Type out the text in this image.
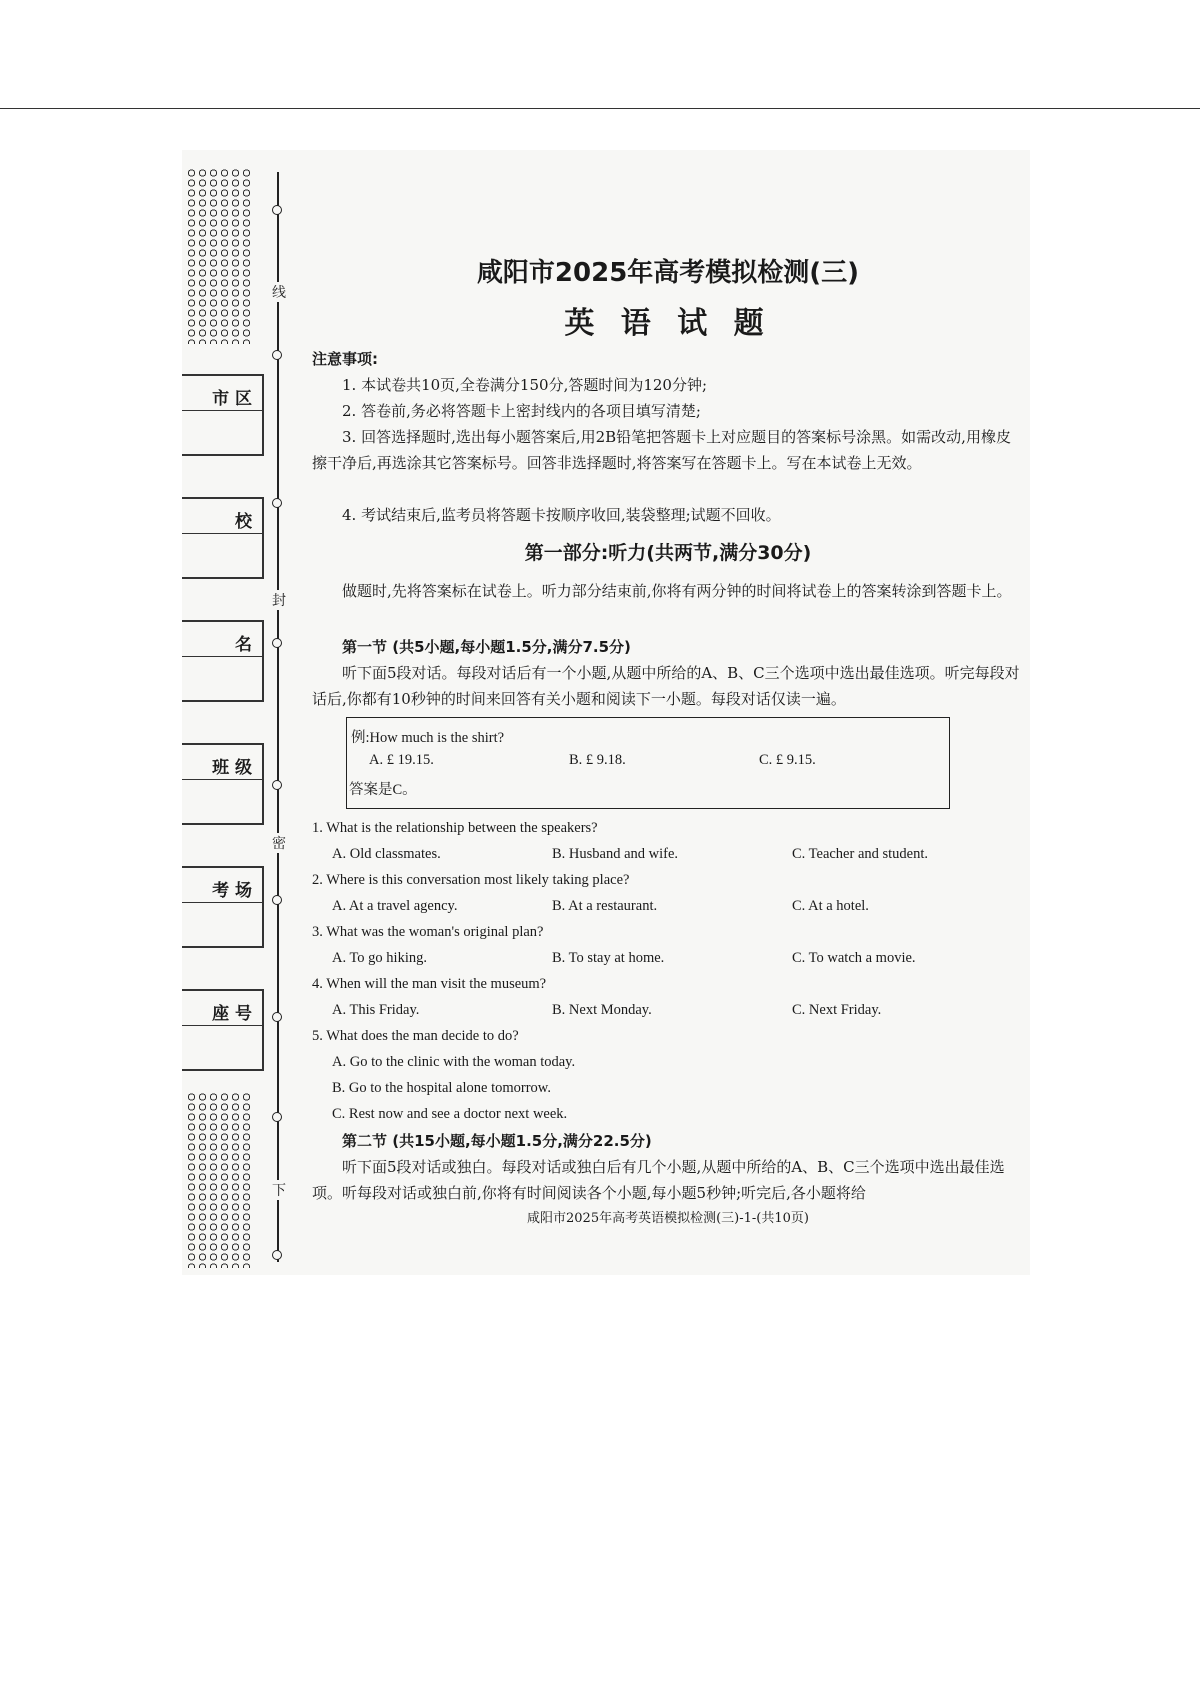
线
封
密
下
市 区
校
名
班 级
考 场
座 号
咸阳市2025年高考模拟检测(三)
英 语 试 题
注意事项:
1. 本试卷共10页,全卷满分150分,答题时间为120分钟;
2. 答卷前,务必将答题卡上密封线内的各项目填写清楚;
3. 回答选择题时,选出每小题答案后,用2B铅笔把答题卡上对应题目的答案标号涂黑。如需改动,用橡皮擦干净后,再选涂其它答案标号。回答非选择题时,将答案写在答题卡上。写在本试卷上无效。
4. 考试结束后,监考员将答题卡按顺序收回,装袋整理;试题不回收。
第一部分:听力(共两节,满分30分)
做题时,先将答案标在试卷上。听力部分结束前,你将有两分钟的时间将试卷上的答案转涂到答题卡上。
第一节 (共5小题,每小题1.5分,满分7.5分)
听下面5段对话。每段对话后有一个小题,从题中所给的A、B、C三个选项中选出最佳选项。听完每段对话后,你都有10秒钟的时间来回答有关小题和阅读下一小题。每段对话仅读一遍。
例:How much is the shirt?
A. £ 19.15.	B. £ 9.18.	C. £ 9.15.
答案是C。
1. What is the relationship between the speakers?
A. Old classmates.	B. Husband and wife.	C. Teacher and student.
2. Where is this conversation most likely taking place?
A. At a travel agency.	B. At a restaurant.	C. At a hotel.
3. What was the woman's original plan?
A. To go hiking.	B. To stay at home.	C. To watch a movie.
4. When will the man visit the museum?
A. This Friday.	B. Next Monday.	C. Next Friday.
5. What does the man decide to do?
A. Go to the clinic with the woman today.
B. Go to the hospital alone tomorrow.
C. Rest now and see a doctor next week.
第二节 (共15小题,每小题1.5分,满分22.5分)
听下面5段对话或独白。每段对话或独白后有几个小题,从题中所给的A、B、C三个选项中选出最佳选项。听每段对话或独白前,你将有时间阅读各个小题,每小题5秒钟;听完后,各小题将给
咸阳市2025年高考英语模拟检测(三)-1-(共10页)
